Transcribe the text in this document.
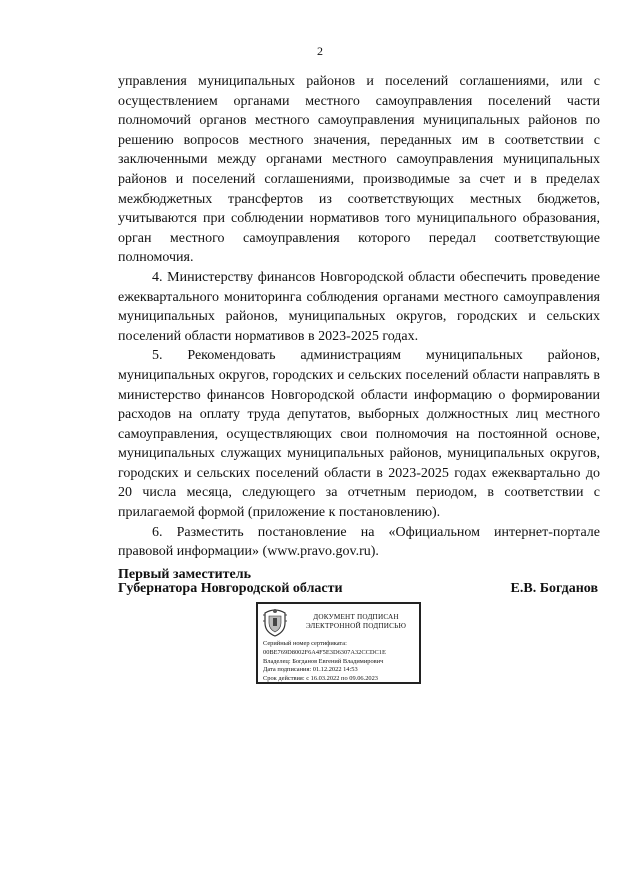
2

управления муниципальных районов и поселений соглашениями, или с осуществлением органами местного самоуправления поселений части полномочий органов местного самоуправления муниципальных районов по решению вопросов местного значения, переданных им в соответствии с заключенными между органами местного самоуправления муниципальных районов и поселений соглашениями, производимые за счет и в пределах межбюджетных трансфертов из соответствующих местных бюджетов, учитываются при соблюдении нормативов того муниципального образования, орган местного самоуправления которого передал соответствующие полномочия.

4. Министерству финансов Новгородской области обеспечить проведение ежеквартального мониторинга соблюдения органами местного самоуправления муниципальных районов, муниципальных округов, городских и сельских поселений области нормативов в 2023-2025 годах.

5. Рекомендовать администрациям муниципальных районов, муниципальных округов, городских и сельских поселений области направлять в министерство финансов Новгородской области информацию о формировании расходов на оплату труда депутатов, выборных должностных лиц местного самоуправления, осуществляющих свои полномочия на постоянной основе, муниципальных служащих муниципальных районов, муниципальных округов, городских и сельских поселений области в 2023-2025 годах ежеквартально до 20 числа месяца, следующего за отчетным периодом, в соответствии с прилагаемой формой (приложение к постановлению).

6. Разместить постановление на «Официальном интернет-портале правовой информации» (www.pravo.gov.ru).

Первый заместитель
Губернатора Новгородской области	Е.В. Богданов
ДОКУМЕНТ ПОДПИСАН
ЭЛЕКТРОННОЙ ПОДПИСЬЮ
Серийный номер сертификата:
00BE769D8002F6A4F5E3D6307A32CCDC1E
Владелец: Богданов Евгений Владимирович
Дата подписания: 01.12.2022 14:53
Срок действия: с 16.03.2022 по 09.06.2023
